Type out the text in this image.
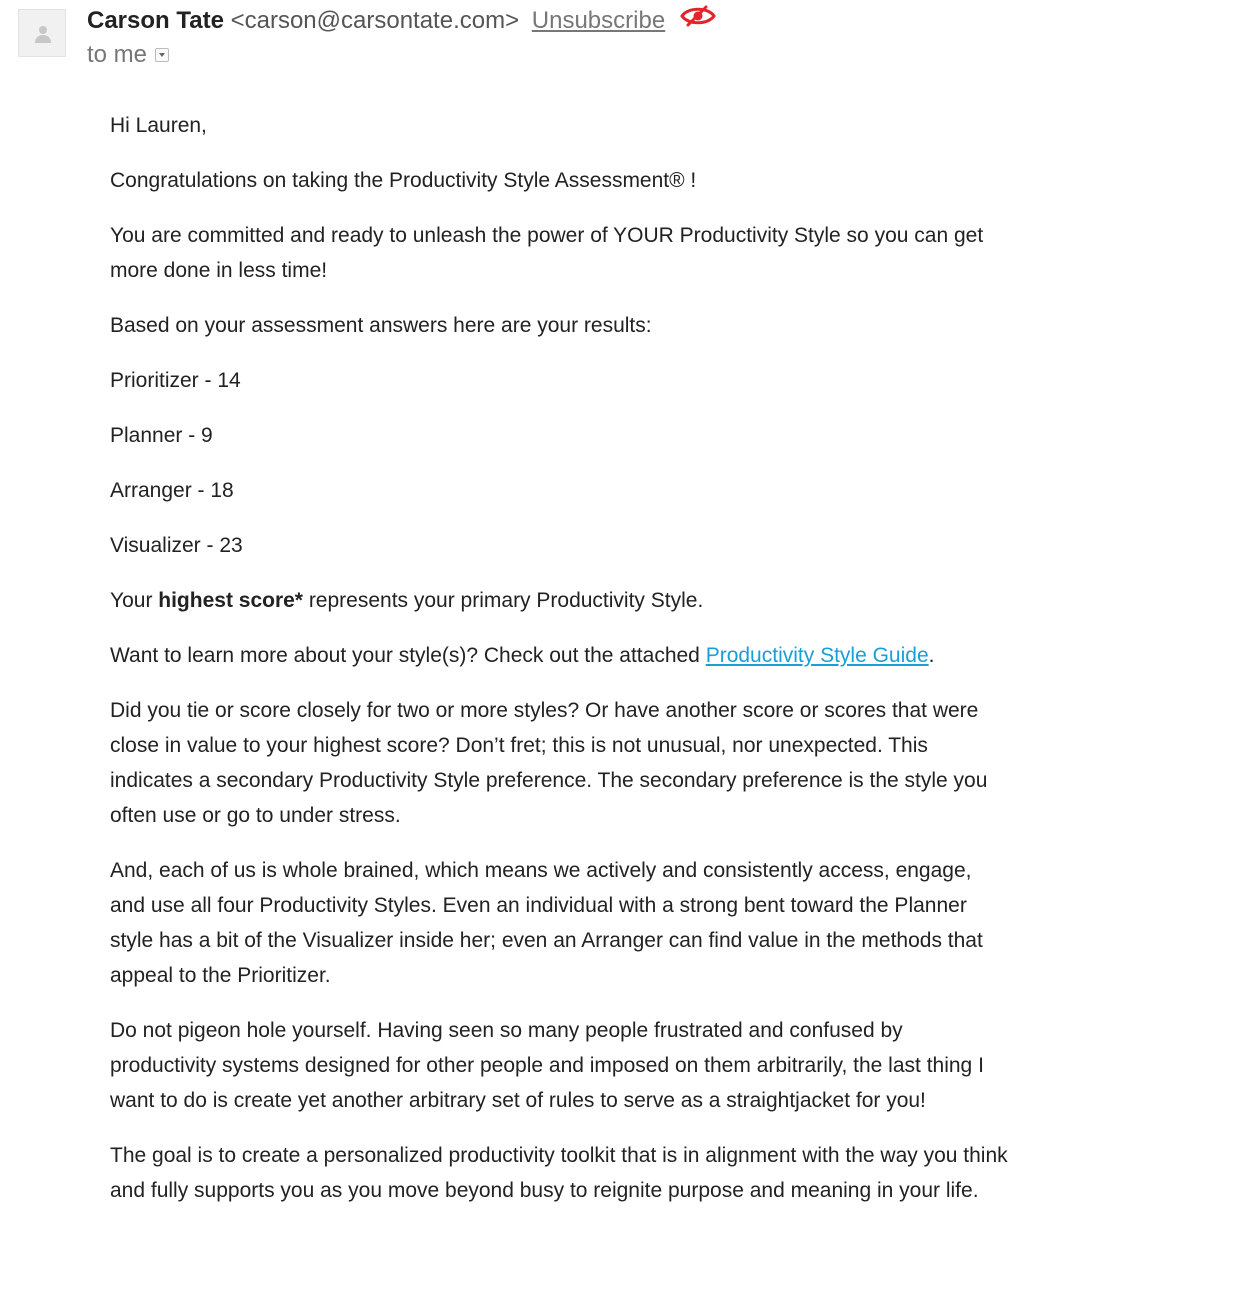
Carson Tate <carson@carsontate.com> Unsubscribe
to me

Hi Lauren,

Congratulations on taking the Productivity Style Assessment® !

You are committed and ready to unleash the power of YOUR Productivity Style so you can get more done in less time!

Based on your assessment answers here are your results:

Prioritizer - 14

Planner - 9

Arranger - 18

Visualizer - 23

Your highest score* represents your primary Productivity Style.

Want to learn more about your style(s)? Check out the attached Productivity Style Guide.

Did you tie or score closely for two or more styles? Or have another score or scores that were close in value to your highest score? Don’t fret; this is not unusual, nor unexpected. This indicates a secondary Productivity Style preference. The secondary preference is the style you often use or go to under stress.

And, each of us is whole brained, which means we actively and consistently access, engage, and use all four Productivity Styles. Even an individual with a strong bent toward the Planner style has a bit of the Visualizer inside her; even an Arranger can find value in the methods that appeal to the Prioritizer.

Do not pigeon hole yourself. Having seen so many people frustrated and confused by productivity systems designed for other people and imposed on them arbitrarily, the last thing I want to do is create yet another arbitrary set of rules to serve as a straightjacket for you!

The goal is to create a personalized productivity toolkit that is in alignment with the way you think and fully supports you as you move beyond busy to reignite purpose and meaning in your life.
